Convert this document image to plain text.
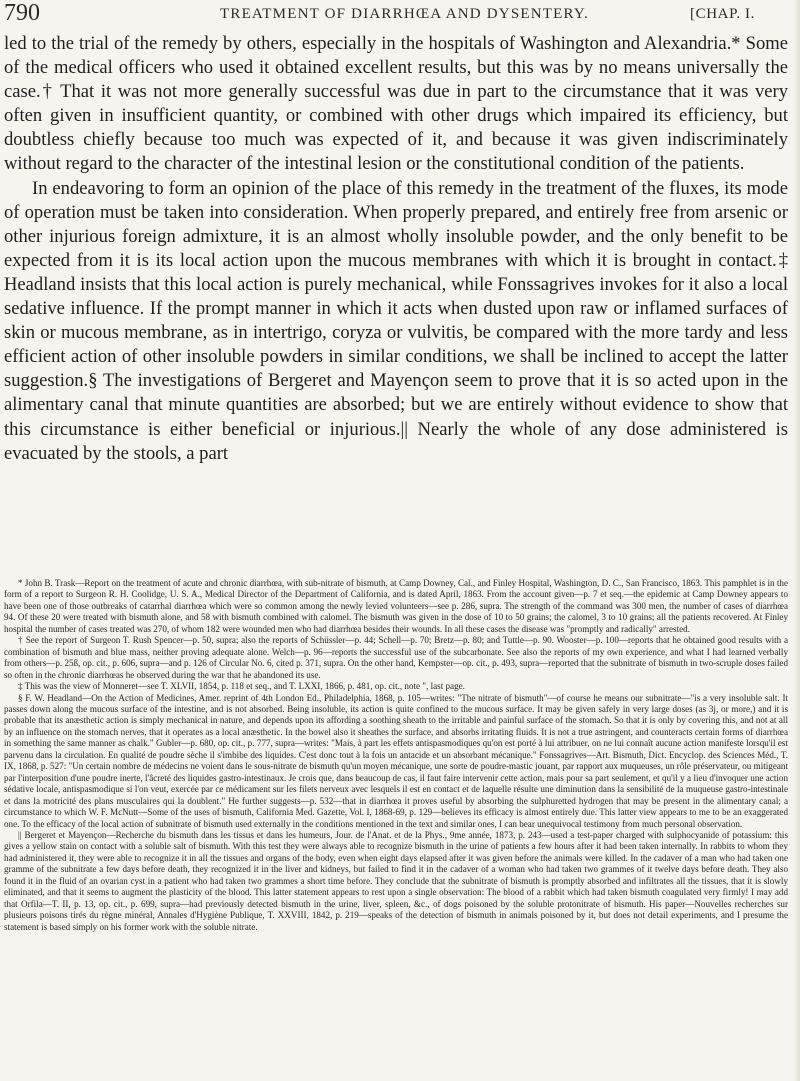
790	TREATMENT OF DIARRHŒA AND DYSENTERY.	[CHAP. I.

led to the trial of the remedy by others, especially in the hospitals of Washington and Alexandria.* Some of the medical officers who used it obtained excellent results, but this was by no means universally the case.† That it was not more generally successful was due in part to the circumstance that it was very often given in insufficient quantity, or combined with other drugs which impaired its efficiency, but doubtless chiefly because too much was expected of it, and because it was given indiscriminately without regard to the character of the intestinal lesion or the constitutional condition of the patients.

In endeavoring to form an opinion of the place of this remedy in the treatment of the fluxes, its mode of operation must be taken into consideration. When properly prepared, and entirely free from arsenic or other injurious foreign admixture, it is an almost wholly insoluble powder, and the only benefit to be expected from it is its local action upon the mucous membranes with which it is brought in contact.‡ Headland insists that this local action is purely mechanical, while Fonssagrives invokes for it also a local sedative influence. If the prompt manner in which it acts when dusted upon raw or inflamed surfaces of skin or mucous membrane, as in intertrigo, coryza or vulvitis, be compared with the more tardy and less efficient action of other insoluble powders in similar conditions, we shall be inclined to accept the latter suggestion.§ The investigations of Bergeret and Mayençon seem to prove that it is so acted upon in the alimentary canal that minute quantities are absorbed; but we are entirely without evidence to show that this circumstance is either beneficial or injurious.|| Nearly the whole of any dose administered is evacuated by the stools, a part

* John B. Trask—Report on the treatment of acute and chronic diarrhœa, with sub-nitrate of bismuth, at Camp Downey, Cal., and Finley Hospital, Washington, D. C., San Francisco, 1863. This pamphlet is in the form of a report to Surgeon R. H. Coolidge, U. S. A., Medical Director of the Department of California, and is dated April, 1863. From the account given—p. 7 et seq.—the epidemic at Camp Downey appears to have been one of those outbreaks of catarrhal diarrhœa which were so common among the newly levied volunteers—see p. 286, supra. The strength of the command was 300 men, the number of cases of diarrhœa 94. Of these 20 were treated with bismuth alone, and 58 with bismuth combined with calomel. The bismuth was given in the dose of 10 to 50 grains; the calomel, 3 to 10 grains; all the patients recovered. At Finley hospital the number of cases treated was 270, of whom 182 were wounded men who had diarrhœa besides their wounds. In all these cases the disease was "promptly and radically" arrested.

† See the report of Surgeon T. Rush Spencer—p. 50, supra; also the reports of Schüssler—p. 44; Schell—p. 70; Bretz—p. 80; and Tuttle—p. 90. Wooster—p. 100—reports that he obtained good results with a combination of bismuth and blue mass, neither proving adequate alone. Welch—p. 96—reports the successful use of the subcarbonate. See also the reports of my own experience, and what I had learned verbally from others—p. 25ß, op. cit., p. 606, supra—and p. 126 of Circular No. 6, cited p. 371, supra. On the other hand, Kempster—op. cit., p. 493, supra—reported that the subnitrate of bismuth in two-scruple doses failed so often in the chronic diarrhœas he observed during the war that he abandoned its use.

‡ This was the view of Monneret—see T. XLVII, 1854, p. 118 et seq., and T. LXXI, 1866, p. 481, op. cit., note ", last page.

§ F. W. Headland—On the Action of Medicines, Amer. reprint of 4th London Ed., Philadelphia, 1868, p. 105—writes: "The nitrate of bismuth"—of course he means our subnitrate—"is a very insoluble salt. It passes down along the mucous surface of the intestine, and is not absorbed. Being insoluble, its action is quite confined to the mucous surface. It may be given safely in very large doses (as 3j, or more,) and it is probable that its anæsthetic action is simply mechanical in nature, and depends upon its affording a soothing sheath to the irritable and painful surface of the stomach. So that it is only by covering this, and not at all by an influence on the stomach nerves, that it operates as a local anæsthetic. In the bowel also it sheathes the surface, and absorbs irritating fluids. It is not a true astringent, and counteracts certain forms of diarrhœa in something the same manner as chalk." Gubler—p. 680, op. cit., p. 777, supra—writes: "Mais, à part les effets antispasmodiques qu'on est porté à lui attribuer, on ne lui connaît aucune action manifeste lorsqu'il est parvenu dans la circulation. En qualité de poudre sèche il s'imbibe des liquides. C'est donc tout à la fois un antacide et un absorbant mécanique." Fonssagrives—Art. Bismuth, Dict. Encyclop. des Sciences Méd., T. IX, 1868, p. 527: "Un certain nombre de médecins ne voient dans le sous-nitrate de bismuth qu'un moyen mécanique, une sorte de poudre-mastic jouant, par rapport aux muqueuses, un rôle préservateur, ou mitigeant par l'interposition d'une poudre inerte, l'âcreté des liquides gastro-intestinaux. Je crois que, dans beaucoup de cas, il faut faire intervenir cette action, mais pour sa part seulement, et qu'il y a lieu d'invoquer une action sédative locale, antispasmodique si l'on veut, exercée par ce médicament sur les filets nerveux avec lesquels il est en contact et de laquelle résulte une diminution dans la sensibilité de la muqueuse gastro-intestinale et dans la motricité des plans musculaires qui la doublent." He further suggests—p. 532—that in diarrhœa it proves useful by absorbing the sulphuretted hydrogen that may be present in the alimentary canal; a circumstance to which W. F. McNutt—Some of the uses of bismuth, California Med. Gazette, Vol. I, 1868-69, p. 129—believes its efficacy is almost entirely due. This latter view appears to me to be an exaggerated one. To the efficacy of the local action of subnitrate of bismuth used externally in the conditions mentioned in the text and similar ones, I can bear unequivocal testimony from much personal observation.

|| Bergeret et Mayençon—Recherche du bismuth dans les tissus et dans les humeurs, Jour. de l'Anat. et de la Phys., 9me année, 1873, p. 243—used a test-paper charged with sulphocyanide of potassium: this gives a yellow stain on contact with a soluble salt of bismuth. With this test they were always able to recognize bismuth in the urine of patients a few hours after it had been taken internally. In rabbits to whom they had administered it, they were able to recognize it in all the tissues and organs of the body, even when eight days elapsed after it was given before the animals were killed. In the cadaver of a man who had taken one gramme of the subnitrate a few days before death, they recognized it in the liver and kidneys, but failed to find it in the cadaver of a woman who had taken two grammes of it twelve days before death. They also found it in the fluid of an ovarian cyst in a patient who had taken two grammes a short time before. They conclude that the subnitrate of bismuth is promptly absorbed and infiltrates all the tissues, that it is slowly eliminated, and that it seems to augment the plasticity of the blood. This latter statement appears to rest upon a single observation: The blood of a rabbit which had taken bismuth coagulated very firmly! I may add that Orfila—T. II, p. 13, op. cit., p. 699, supra—had previously detected bismuth in the urine, liver, spleen, &c., of dogs poisoned by the soluble protonitrate of bismuth. His paper—Nouvelles recherches sur plusieurs poisons tirés du règne minéral, Annales d'Hygiène Publique, T. XXVIII, 1842, p. 219—speaks of the detection of bismuth in animals poisoned by it, but does not detail experiments, and I presume the statement is based simply on his former work with the soluble nitrate.
